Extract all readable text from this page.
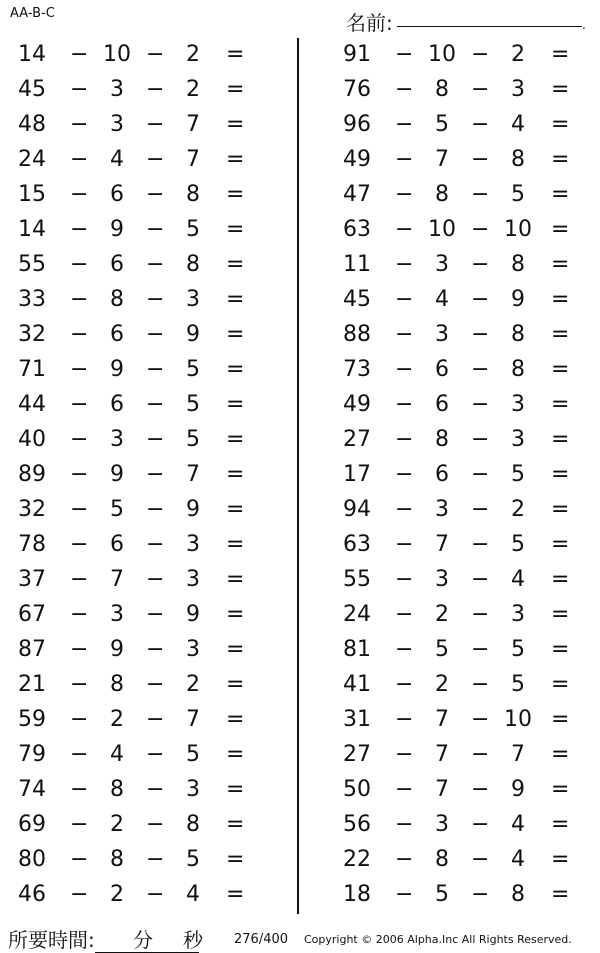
AA-B-C	名前:	.
14 − 10 − 2	=
45 − 3	− 2	=
48 − 3	− 7	=
24 − 4	− 7	=
15 − 6	− 8	=
14 − 9	− 5	=
55 − 6	− 8	=
33 − 8	− 3	=
32 − 6	− 9	=
71 − 9	− 5	=
44 − 6	− 5	=
40 − 3	− 5	=
89 − 9	− 7	=
32 − 5	− 9	=
78 − 6	− 3	=
37 − 7	− 3	=
67 − 3	− 9	=
87 − 9	− 3	=
21 − 8	− 2	=
59 − 2	− 7	=
79 − 4	− 5	=
74 − 8	− 3	=
69 − 2	− 8	=
80 − 8	− 5	=
46 − 2	− 4	=
91 − 10 − 2	=
76 − 8	− 3	=
96 − 5	− 4	=
49 − 7	− 8	=
47 − 8	− 5	=
63 − 10 − 10 =
11 − 3	− 8	=
45 − 4	− 9	=
88 − 3	− 8	=
73 − 6	− 8	=
49 − 6	− 3	=
27 − 8	− 3	=
17 − 6	− 5	=
94 − 3	− 2	=
63 − 7	− 5	=
55 − 3	− 4	=
24 − 2	− 3	=
81 − 5	− 5	=
41 − 2	− 5	=
31 − 7	− 10 =
27 − 7	− 7	=
50 − 7	− 9	=
56 − 3	− 4	=
22 − 8	− 4	=
18 − 5	− 8	=
所要時間:	分 秒 276/400 Copyright © 2006 Alpha.Inc All Rights Reserved.
